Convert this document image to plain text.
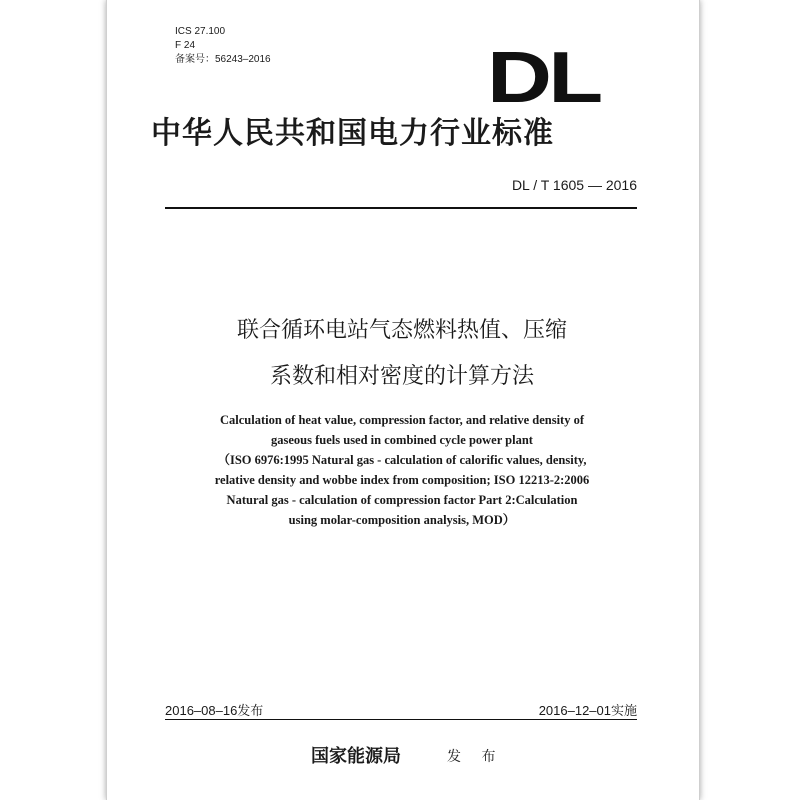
ICS 27.100
F 24
备案号：56243–2016	DL
中华人民共和国电力行业标准
DL / T 1605 — 2016
联合循环电站气态燃料热值、压缩
系数和相对密度的计算方法
Calculation of heat value, compression factor, and relative density of
gaseous fuels used in combined cycle power plant
（ISO 6976:1995 Natural gas - calculation of calorific values, density,
relative density and wobbe index from composition; ISO 12213-2:2006
Natural gas - calculation of compression factor Part 2:Calculation
using molar-composition analysis, MOD）
2016–08–16发布	2016–12–01实施
国家能源局	发 布
